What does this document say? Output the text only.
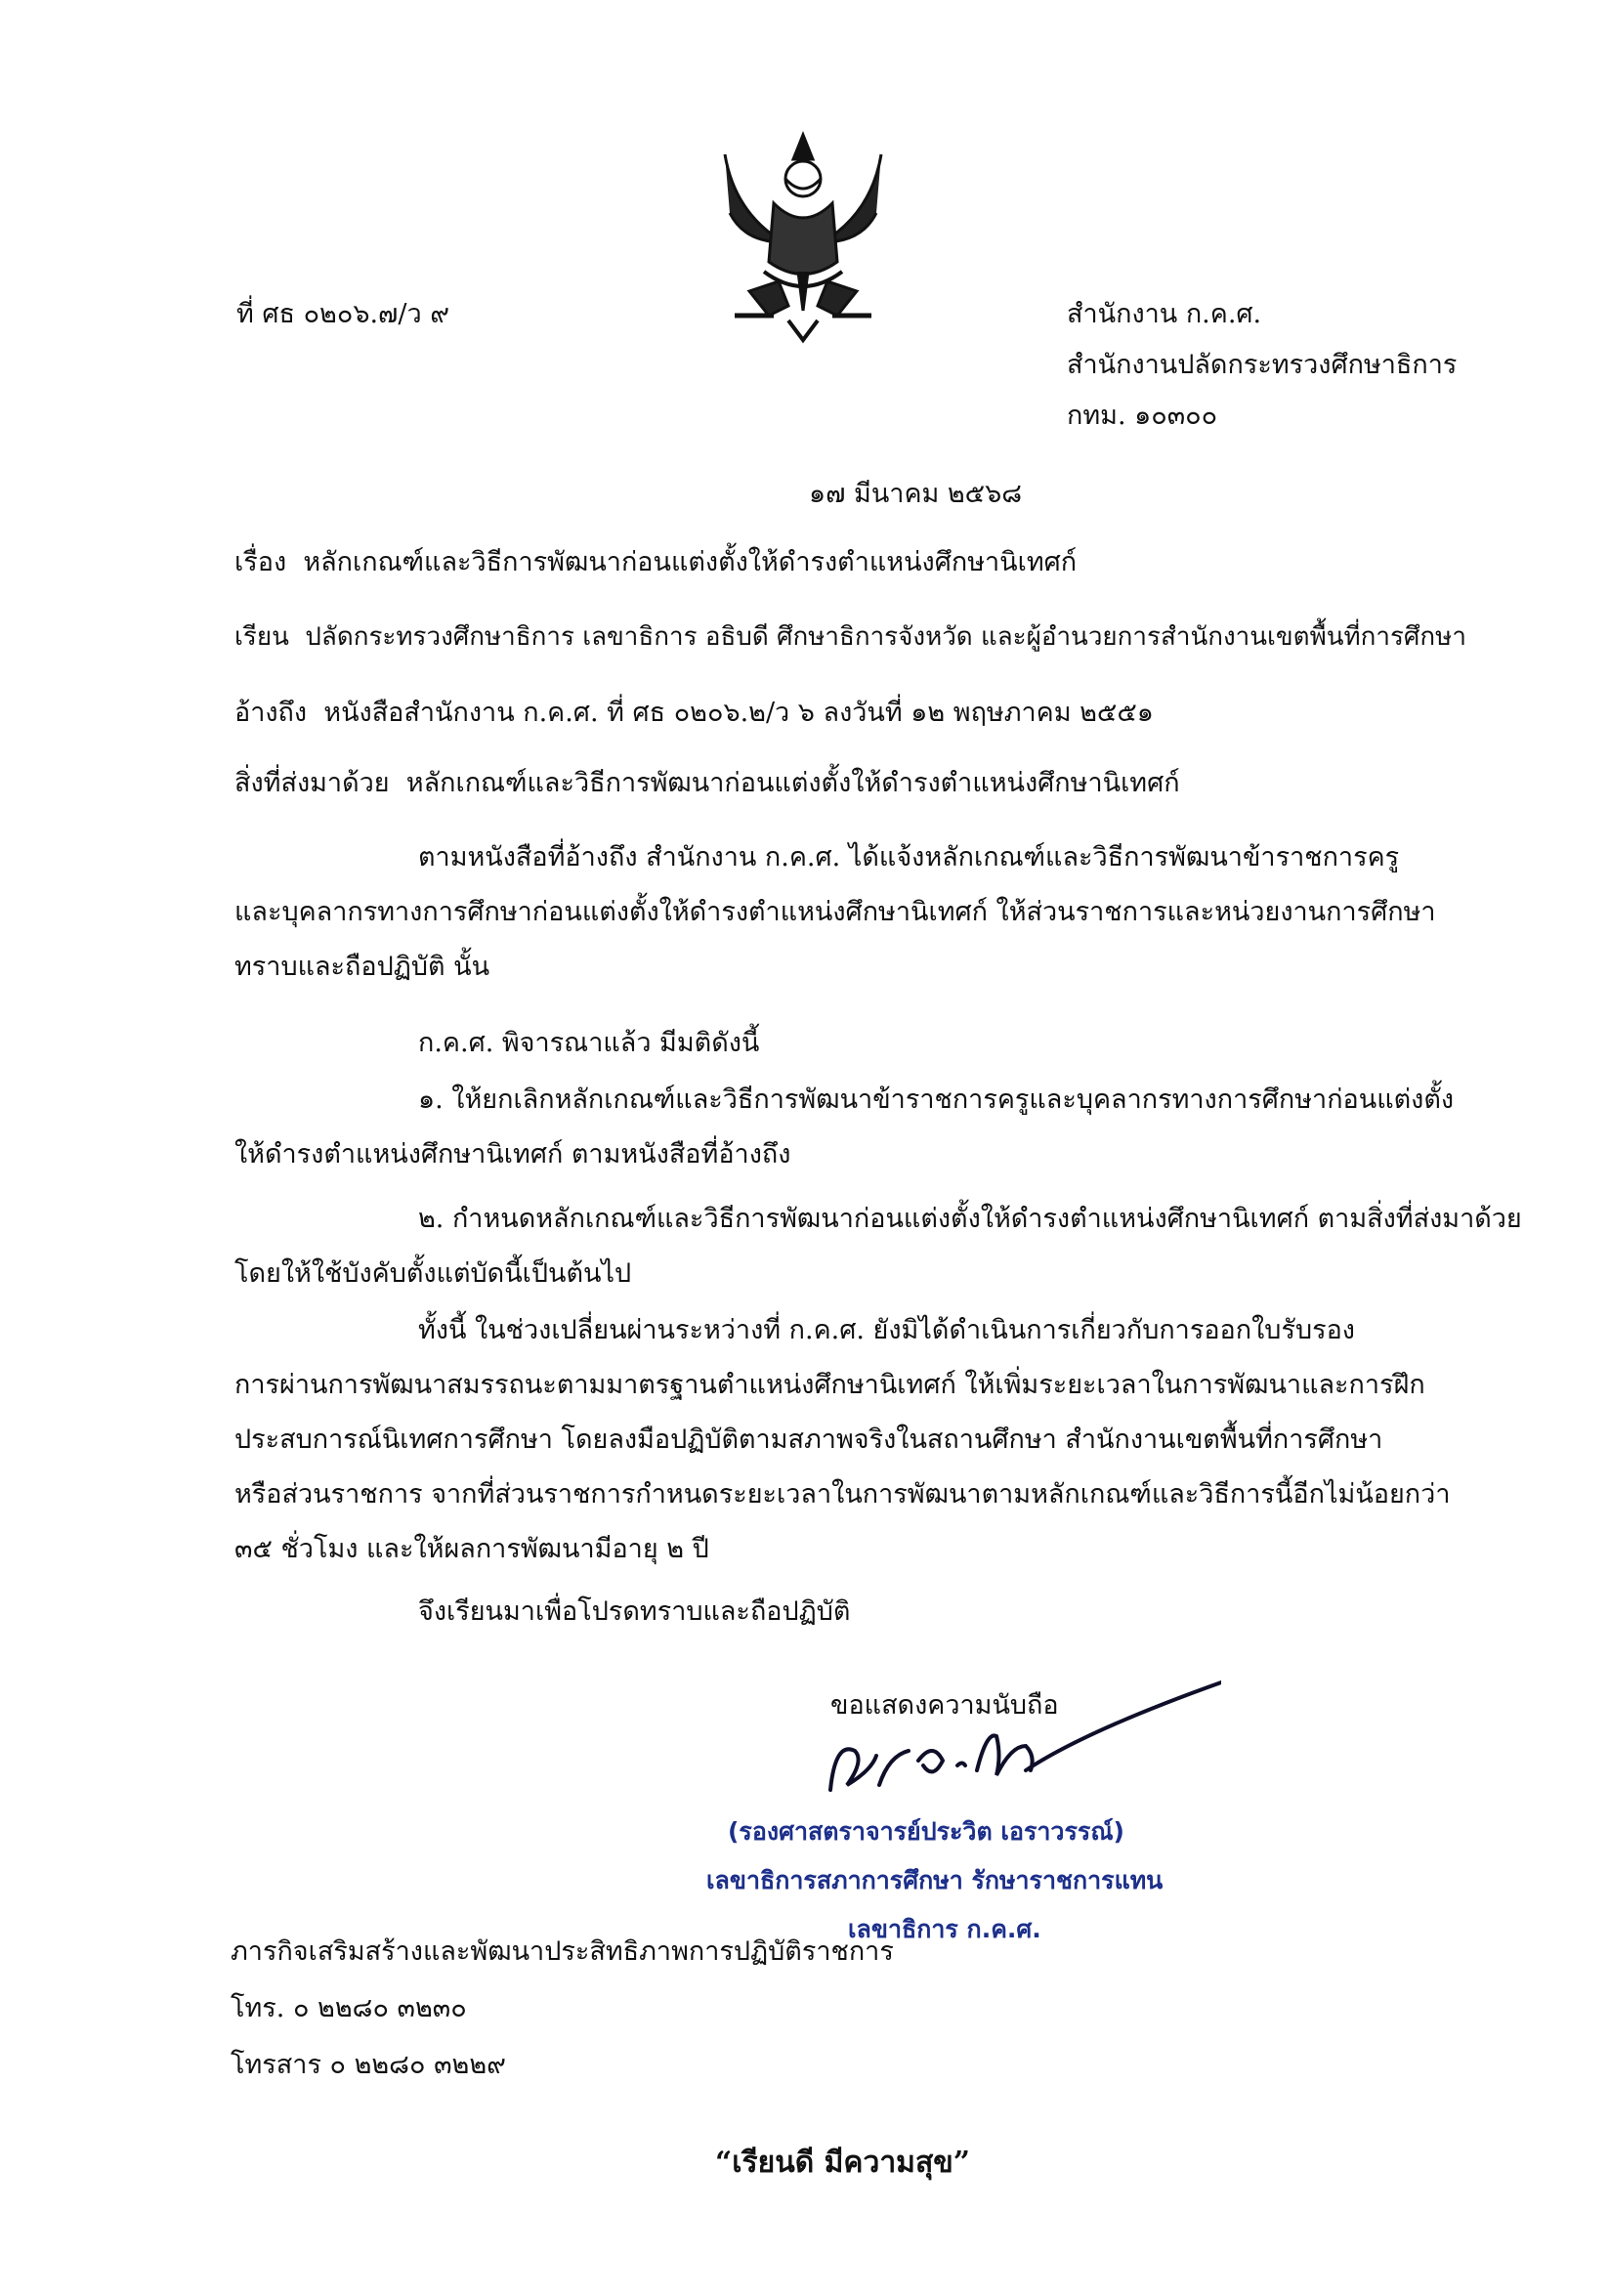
ที่ ศธ ๐๒๐๖.๗/ว ๙	สำนักงาน ก.ค.ศ.
สำนักงานปลัดกระทรวงศึกษาธิการ
กทม. ๑๐๓๐๐
๑๗ มีนาคม ๒๕๖๘
เรื่อง หลักเกณฑ์และวิธีการพัฒนาก่อนแต่งตั้งให้ดำรงตำแหน่งศึกษานิเทศก์
เรียน ปลัดกระทรวงศึกษาธิการ เลขาธิการ อธิบดี ศึกษาธิการจังหวัด และผู้อำนวยการสำนักงานเขตพื้นที่การศึกษา
อ้างถึง หนังสือสำนักงาน ก.ค.ศ. ที่ ศธ ๐๒๐๖.๒/ว ๖ ลงวันที่ ๑๒ พฤษภาคม ๒๕๕๑
สิ่งที่ส่งมาด้วย หลักเกณฑ์และวิธีการพัฒนาก่อนแต่งตั้งให้ดำรงตำแหน่งศึกษานิเทศก์
ตามหนังสือที่อ้างถึง สำนักงาน ก.ค.ศ. ได้แจ้งหลักเกณฑ์และวิธีการพัฒนาข้าราชการครู
และบุคลากรทางการศึกษาก่อนแต่งตั้งให้ดำรงตำแหน่งศึกษานิเทศก์ ให้ส่วนราชการและหน่วยงานการศึกษา
ทราบและถือปฏิบัติ นั้น
ก.ค.ศ. พิจารณาแล้ว มีมติดังนี้
๑. ให้ยกเลิกหลักเกณฑ์และวิธีการพัฒนาข้าราชการครูและบุคลากรทางการศึกษาก่อนแต่งตั้ง
ให้ดำรงตำแหน่งศึกษานิเทศก์ ตามหนังสือที่อ้างถึง
๒. กำหนดหลักเกณฑ์และวิธีการพัฒนาก่อนแต่งตั้งให้ดำรงตำแหน่งศึกษานิเทศก์ ตามสิ่งที่ส่งมาด้วย
โดยให้ใช้บังคับตั้งแต่บัดนี้เป็นต้นไป
ทั้งนี้ ในช่วงเปลี่ยนผ่านระหว่างที่ ก.ค.ศ. ยังมิได้ดำเนินการเกี่ยวกับการออกใบรับรอง
การผ่านการพัฒนาสมรรถนะตามมาตรฐานตำแหน่งศึกษานิเทศก์ ให้เพิ่มระยะเวลาในการพัฒนาและการฝึก
ประสบการณ์นิเทศการศึกษา โดยลงมือปฏิบัติตามสภาพจริงในสถานศึกษา สำนักงานเขตพื้นที่การศึกษา
หรือส่วนราชการ จากที่ส่วนราชการกำหนดระยะเวลาในการพัฒนาตามหลักเกณฑ์และวิธีการนี้อีกไม่น้อยกว่า
๓๕ ชั่วโมง และให้ผลการพัฒนามีอายุ ๒ ปี
จึงเรียนมาเพื่อโปรดทราบและถือปฏิบัติ
ขอแสดงความนับถือ
(รองศาสตราจารย์ประวิต เอราวรรณ์)
เลขาธิการสภาการศึกษา รักษาราชการแทน
เลขาธิการ ก.ค.ศ.
ภารกิจเสริมสร้างและพัฒนาประสิทธิภาพการปฏิบัติราชการ
โทร. ๐ ๒๒๘๐ ๓๒๓๐
โทรสาร ๐ ๒๒๘๐ ๓๒๒๙
“เรียนดี มีความสุข”
